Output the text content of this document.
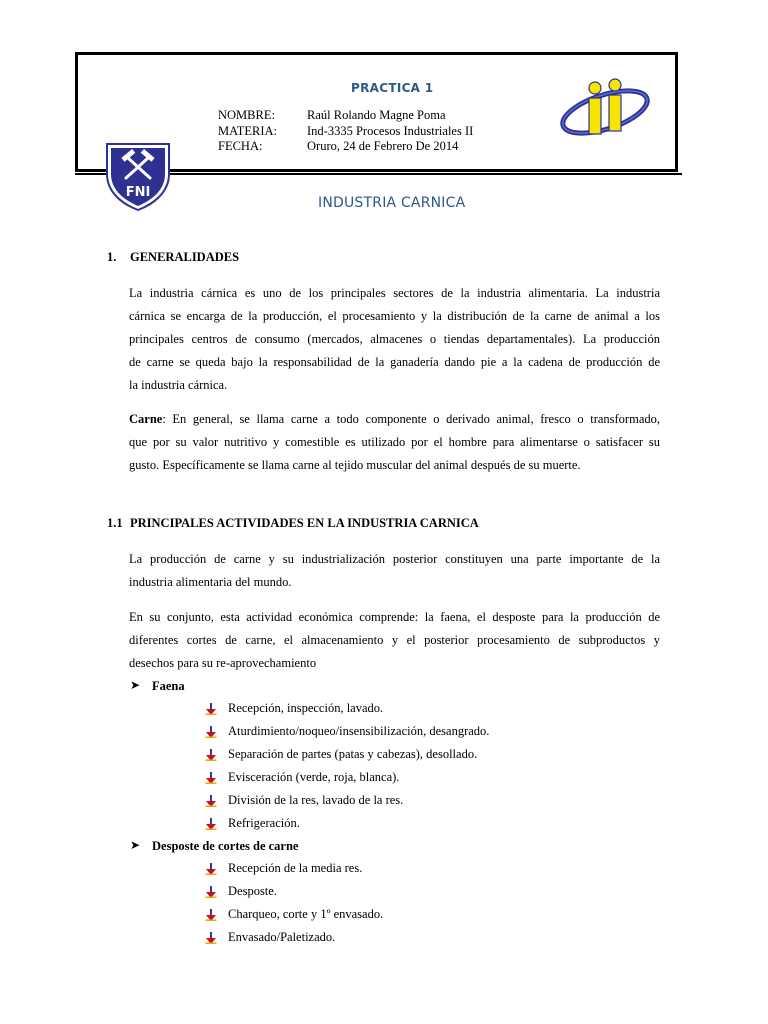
FNI
PRACTICA 1
NOMBRE:	Raúl Rolando Magne Poma
MATERIA: Ind-3335 Procesos Industriales II
FECHA:	Oruro, 24 de Febrero De 2014
INDUSTRIA CARNICA
1. GENERALIDADES
La industria cárnica es uno de los principales sectores de la industria alimentaria. La industria
cárnica se encarga de la producción, el procesamiento y la distribución de la carne de animal a los
principales centros de consumo (mercados, almacenes o tiendas departamentales). La producción
de carne se queda bajo la responsabilidad de la ganadería dando pie a la cadena de producción de
la industria cárnica.
Carne: En general, se llama carne a todo componente o derivado animal, fresco o transformado,
que por su valor nutritivo y comestible es utilizado por el hombre para alimentarse o satisfacer su
gusto. Específicamente se llama carne al tejido muscular del animal después de su muerte.
1.1 PRINCIPALES ACTIVIDADES EN LA INDUSTRIA CARNICA
La producción de carne y su industrialización posterior constituyen una parte importante de la
industria alimentaria del mundo.
En su conjunto, esta actividad económica comprende: la faena, el desposte para la producción de
diferentes cortes de carne, el almacenamiento y el posterior procesamiento de subproductos y
desechos para su re-aprovechamiento
➤ Faena
Recepción, inspección, lavado.
Aturdimiento/noqueo/insensibilización, desangrado.
Separación de partes (patas y cabezas), desollado.
Evisceración (verde, roja, blanca).
División de la res, lavado de la res.
Refrigeración.
➤ Desposte de cortes de carne
Recepción de la media res.
Desposte.
Charqueo, corte y 1º envasado.
Envasado/Paletizado.
